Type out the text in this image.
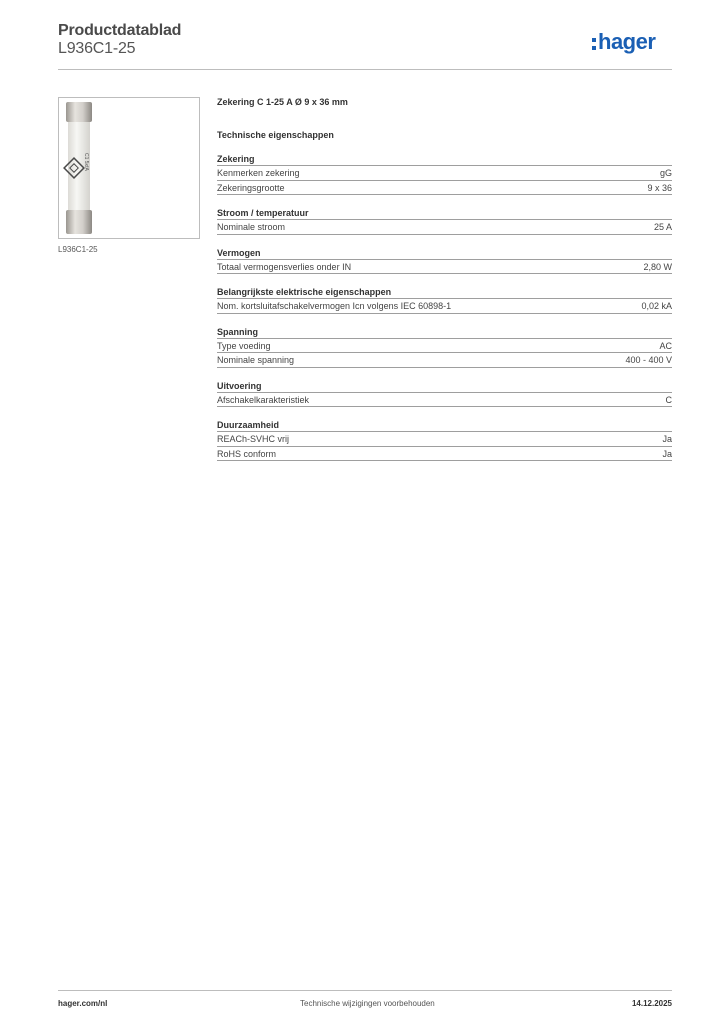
Productdatablad
L936C1-25	hager
C1 5xfA
L936C1-25
Zekering C 1-25 A Ø 9 x 36 mm
Technische eigenschappen
Zekering
Kenmerken zekering	gG
Zekeringsgrootte	9 x 36
Stroom / temperatuur
Nominale stroom	25 A
Vermogen
Totaal vermogensverlies onder IN	2,80 W
Belangrijkste elektrische eigenschappen
Nom. kortsluitafschakelvermogen Icn volgens IEC 60898-1	0,02 kA
Spanning
Type voeding	AC
Nominale spanning	400 - 400 V
Uitvoering
Afschakelkarakteristiek	C
Duurzaamheid
REACh-SVHC vrij	Ja
RoHS conform	Ja
hager.com/nl	Technische wijzigingen voorbehouden	14.12.2025
